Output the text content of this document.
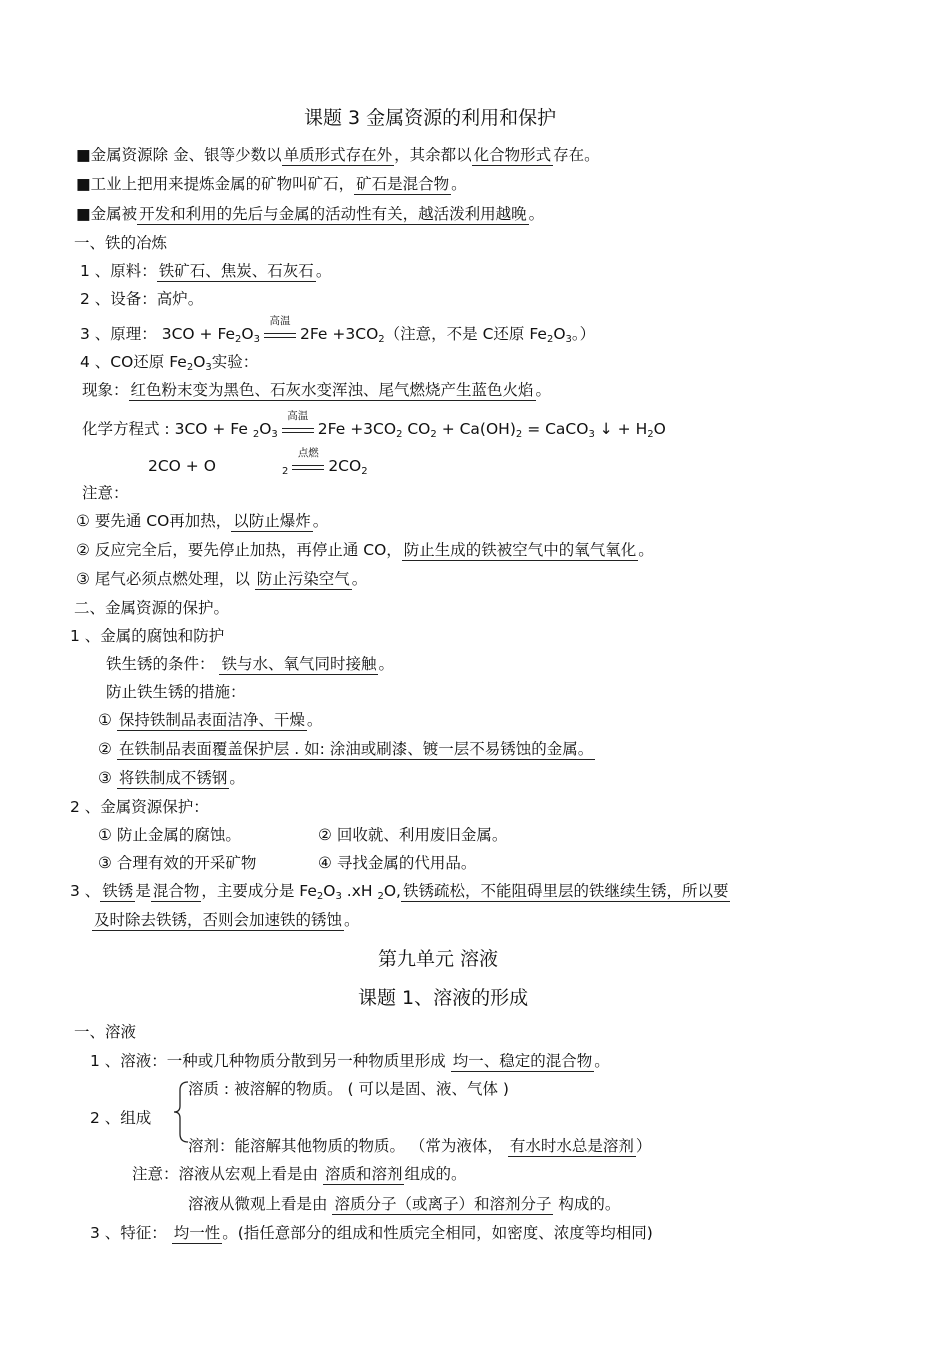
课题 3 金属资源的利用和保护
■金属资源除 金、银等少数以 单质形式存在外 ，其余都以 化合物形式 存在。
■工业上把用来提炼金属的矿物叫矿石， 矿石是混合物 。
■金属被 开发和利用的先后与金属的活动性有关，越活泼利用越晚 。
一、铁的冶炼
1 、原料： 铁矿石、焦炭、石灰石 。
2 、设备：高炉。
3 、原理： $3CO + Fe_2O_3$
高温
$2Fe +3CO_2$（注意，不是 C还原 $Fe_2O_3$。）
4 、CO还原 $Fe_2O_3$实验：
现象： 红色粉末变为黑色、石灰水变浑浊、尾气燃烧产生蓝色火焰 。
化学方程式 : 3CO + Fe $_2O_3$
高温
$2Fe +3CO_2$ $CO_2 + Ca(OH)_2$ = CaCO$_3$ ↓ + $H_2O$
2CO + O	$_2$
点燃
$2CO_2$
注意：
① 要先通 CO再加热， 以防止爆炸 。
② 反应完全后，要先停止加热，再停止通 CO， 防止生成的铁被空气中的氧气氧化 。
③ 尾气必须点燃处理，以 防止污染空气 。
二、金属资源的保护。
1 、金属的腐蚀和防护
铁生锈的条件： 铁与水、氧气同时接触 。
防止铁生锈的措施：
① 保持铁制品表面洁净、干燥 。
② 在铁制品表面覆盖保护层 . 如: 涂油或刷漆、镀一层不易锈蚀的金属。
③ 将铁制成不锈钢 。
2 、金属资源保护：
① 防止金属的腐蚀。	② 回收就、利用废旧金属。
③ 合理有效的开采矿物	④ 寻找金属的代用品。
3 、 铁锈 是 混合物 ，主要成分是 $Fe_2O_3$ .xH $_2$O, 铁锈疏松，不能阻碍里层的铁继续生锈，所以要
及时除去铁锈，否则会加速铁的锈蚀 。
第九单元 溶液
课题 1、溶液的形成
一、溶液
1 、溶液：一种或几种物质分散到另一种物质里形成 均一、稳定的混合物 。
溶质 : 被溶解的物质。 ( 可以是固、液、气体 )
2 、组成
溶剂：能溶解其他物质的物质。 （常为液体， 有水时水总是溶剂 ）
注意：溶液从宏观上看是由 溶质和溶剂 组成的。
溶液从微观上看是由 溶质分子（或离子）和溶剂分子 构成的。
3 、特征： 均一性 。(指任意部分的组成和性质完全相同，如密度、浓度等均相同)
